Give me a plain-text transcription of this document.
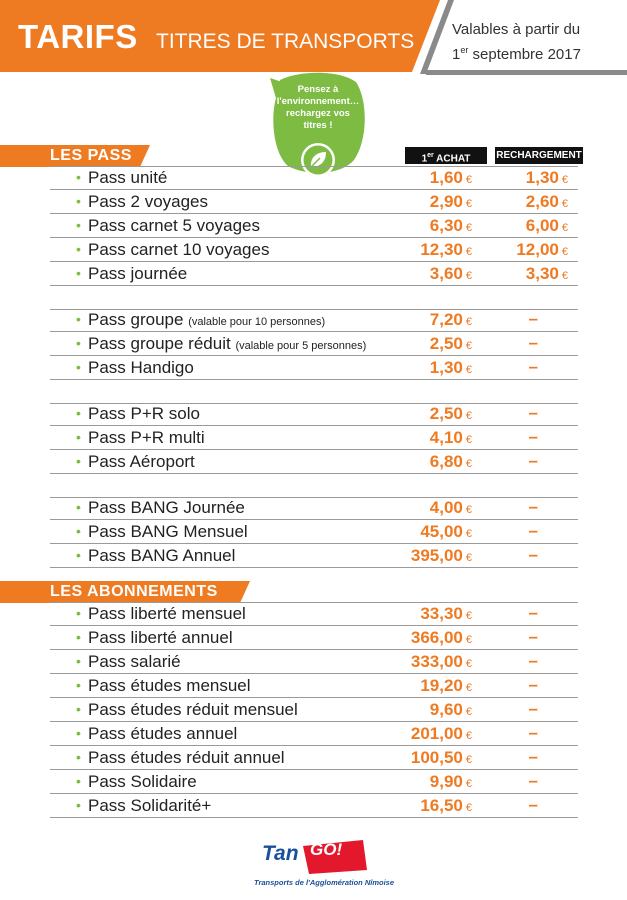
TARIFS TITRES DE TRANSPORTS
Valables à partir du
1er septembre 2017
Pensez à l'environnement… rechargez vos titres !
LES PASS	1er ACHAT	RECHARGEMENT
• Pass unité	1,60 €	1,30 €
• Pass 2 voyages	2,90 €	2,60 €
• Pass carnet 5 voyages	6,30 €	6,00 €
• Pass carnet 10 voyages	12,30 €	12,00 €
• Pass journée	3,60 €	3,30 €
• Pass groupe (valable pour 10 personnes)	7,20 €	–
• Pass groupe réduit (valable pour 5 personnes)	2,50 €	–
• Pass Handigo	1,30 €	–
• Pass P+R solo	2,50 €	–
• Pass P+R multi	4,10 €	–
• Pass Aéroport	6,80 €	–
• Pass BANG Journée	4,00 €	–
• Pass BANG Mensuel	45,00 €	–
• Pass BANG Annuel	395,00 €	–
LES ABONNEMENTS
• Pass liberté mensuel	33,30 €	–
• Pass liberté annuel	366,00 €	–
• Pass salarié	333,00 €	–
• Pass études mensuel	19,20 €	–
• Pass études réduit mensuel	9,60 €	–
• Pass études annuel	201,00 €	–
• Pass études réduit annuel	100,50 €	–
• Pass Solidaire	9,90 €	–
• Pass Solidarité+	16,50 €	–
Tan GO!
Transports de l'Agglomération Nîmoise
